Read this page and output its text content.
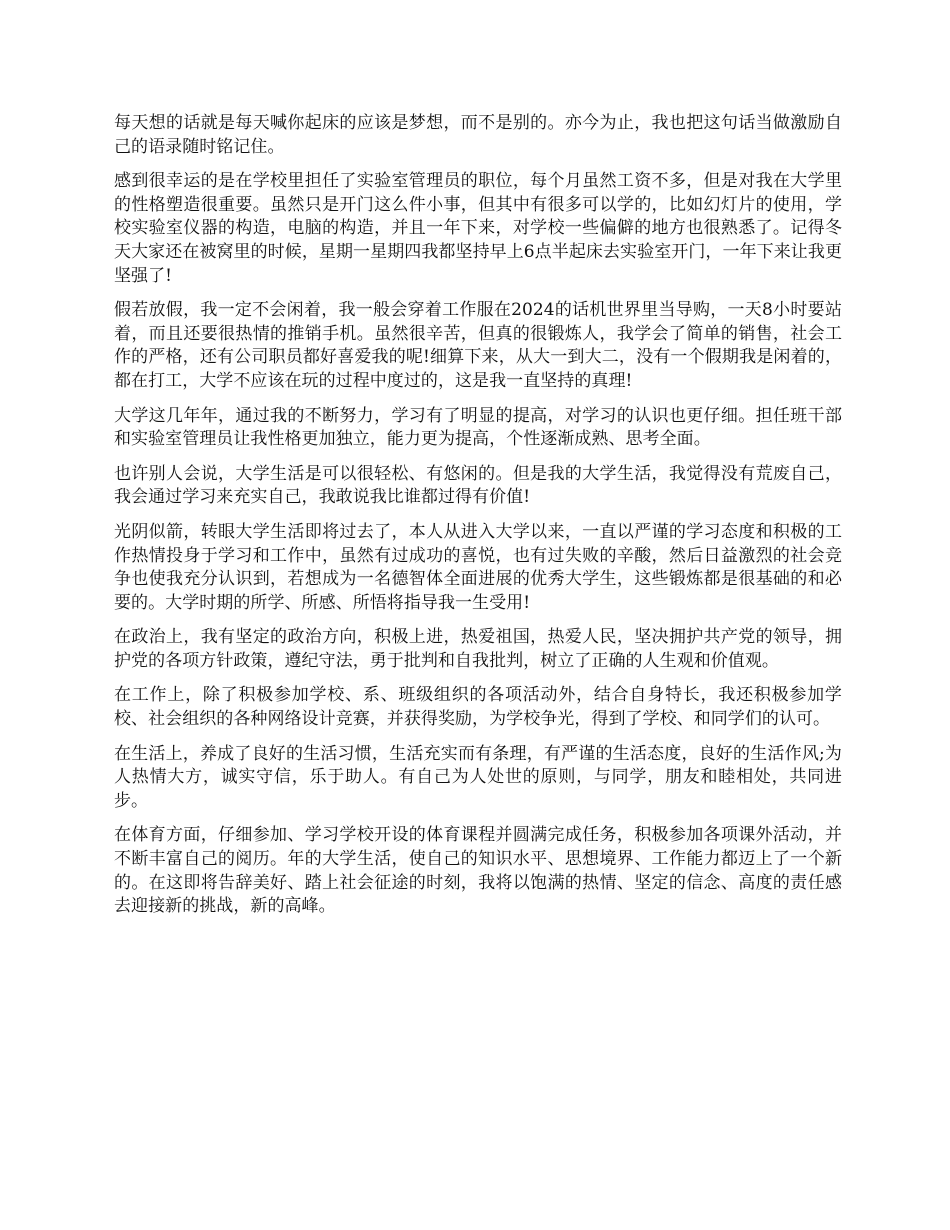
每天想的话就是每天喊你起床的应该是梦想，而不是别的。亦今为止，我也把这句话当做激励自己的语录随时铭记住。

感到很幸运的是在学校里担任了实验室管理员的职位，每个月虽然工资不多，但是对我在大学里的性格塑造很重要。虽然只是开门这么件小事，但其中有很多可以学的，比如幻灯片的使用，学校实验室仪器的构造，电脑的构造，并且一年下来，对学校一些偏僻的地方也很熟悉了。记得冬天大家还在被窝里的时候，星期一星期四我都坚持早上6点半起床去实验室开门，一年下来让我更坚强了!

假若放假，我一定不会闲着，我一般会穿着工作服在2024的话机世界里当导购，一天8小时要站着，而且还要很热情的推销手机。虽然很辛苦，但真的很锻炼人，我学会了简单的销售，社会工作的严格，还有公司职员都好喜爱我的呢!细算下来，从大一到大二，没有一个假期我是闲着的，都在打工，大学不应该在玩的过程中度过的，这是我一直坚持的真理!

大学这几年年，通过我的不断努力，学习有了明显的提高，对学习的认识也更仔细。担任班干部和实验室管理员让我性格更加独立，能力更为提高，个性逐渐成熟、思考全面。

也许别人会说，大学生活是可以很轻松、有悠闲的。但是我的大学生活，我觉得没有荒废自己，我会通过学习来充实自己，我敢说我比谁都过得有价值!

光阴似箭，转眼大学生活即将过去了，本人从进入大学以来，一直以严谨的学习态度和积极的工作热情投身于学习和工作中，虽然有过成功的喜悦，也有过失败的辛酸，然后日益激烈的社会竞争也使我充分认识到，若想成为一名德智体全面进展的优秀大学生，这些锻炼都是很基础的和必要的。大学时期的所学、所感、所悟将指导我一生受用!

在政治上，我有坚定的政治方向，积极上进，热爱祖国，热爱人民，坚决拥护共产党的领导，拥护党的各项方针政策，遵纪守法，勇于批判和自我批判，树立了正确的人生观和价值观。

在工作上，除了积极参加学校、系、班级组织的各项活动外，结合自身特长，我还积极参加学校、社会组织的各种网络设计竞赛，并获得奖励，为学校争光，得到了学校、和同学们的认可。

在生活上，养成了良好的生活习惯，生活充实而有条理，有严谨的生活态度，良好的生活作风;为人热情大方，诚实守信，乐于助人。有自己为人处世的原则，与同学，朋友和睦相处，共同进步。

在体育方面，仔细参加、学习学校开设的体育课程并圆满完成任务，积极参加各项课外活动，并不断丰富自己的阅历。年的大学生活，使自己的知识水平、思想境界、工作能力都迈上了一个新的。在这即将告辞美好、踏上社会征途的时刻，我将以饱满的热情、坚定的信念、高度的责任感去迎接新的挑战，新的高峰。
